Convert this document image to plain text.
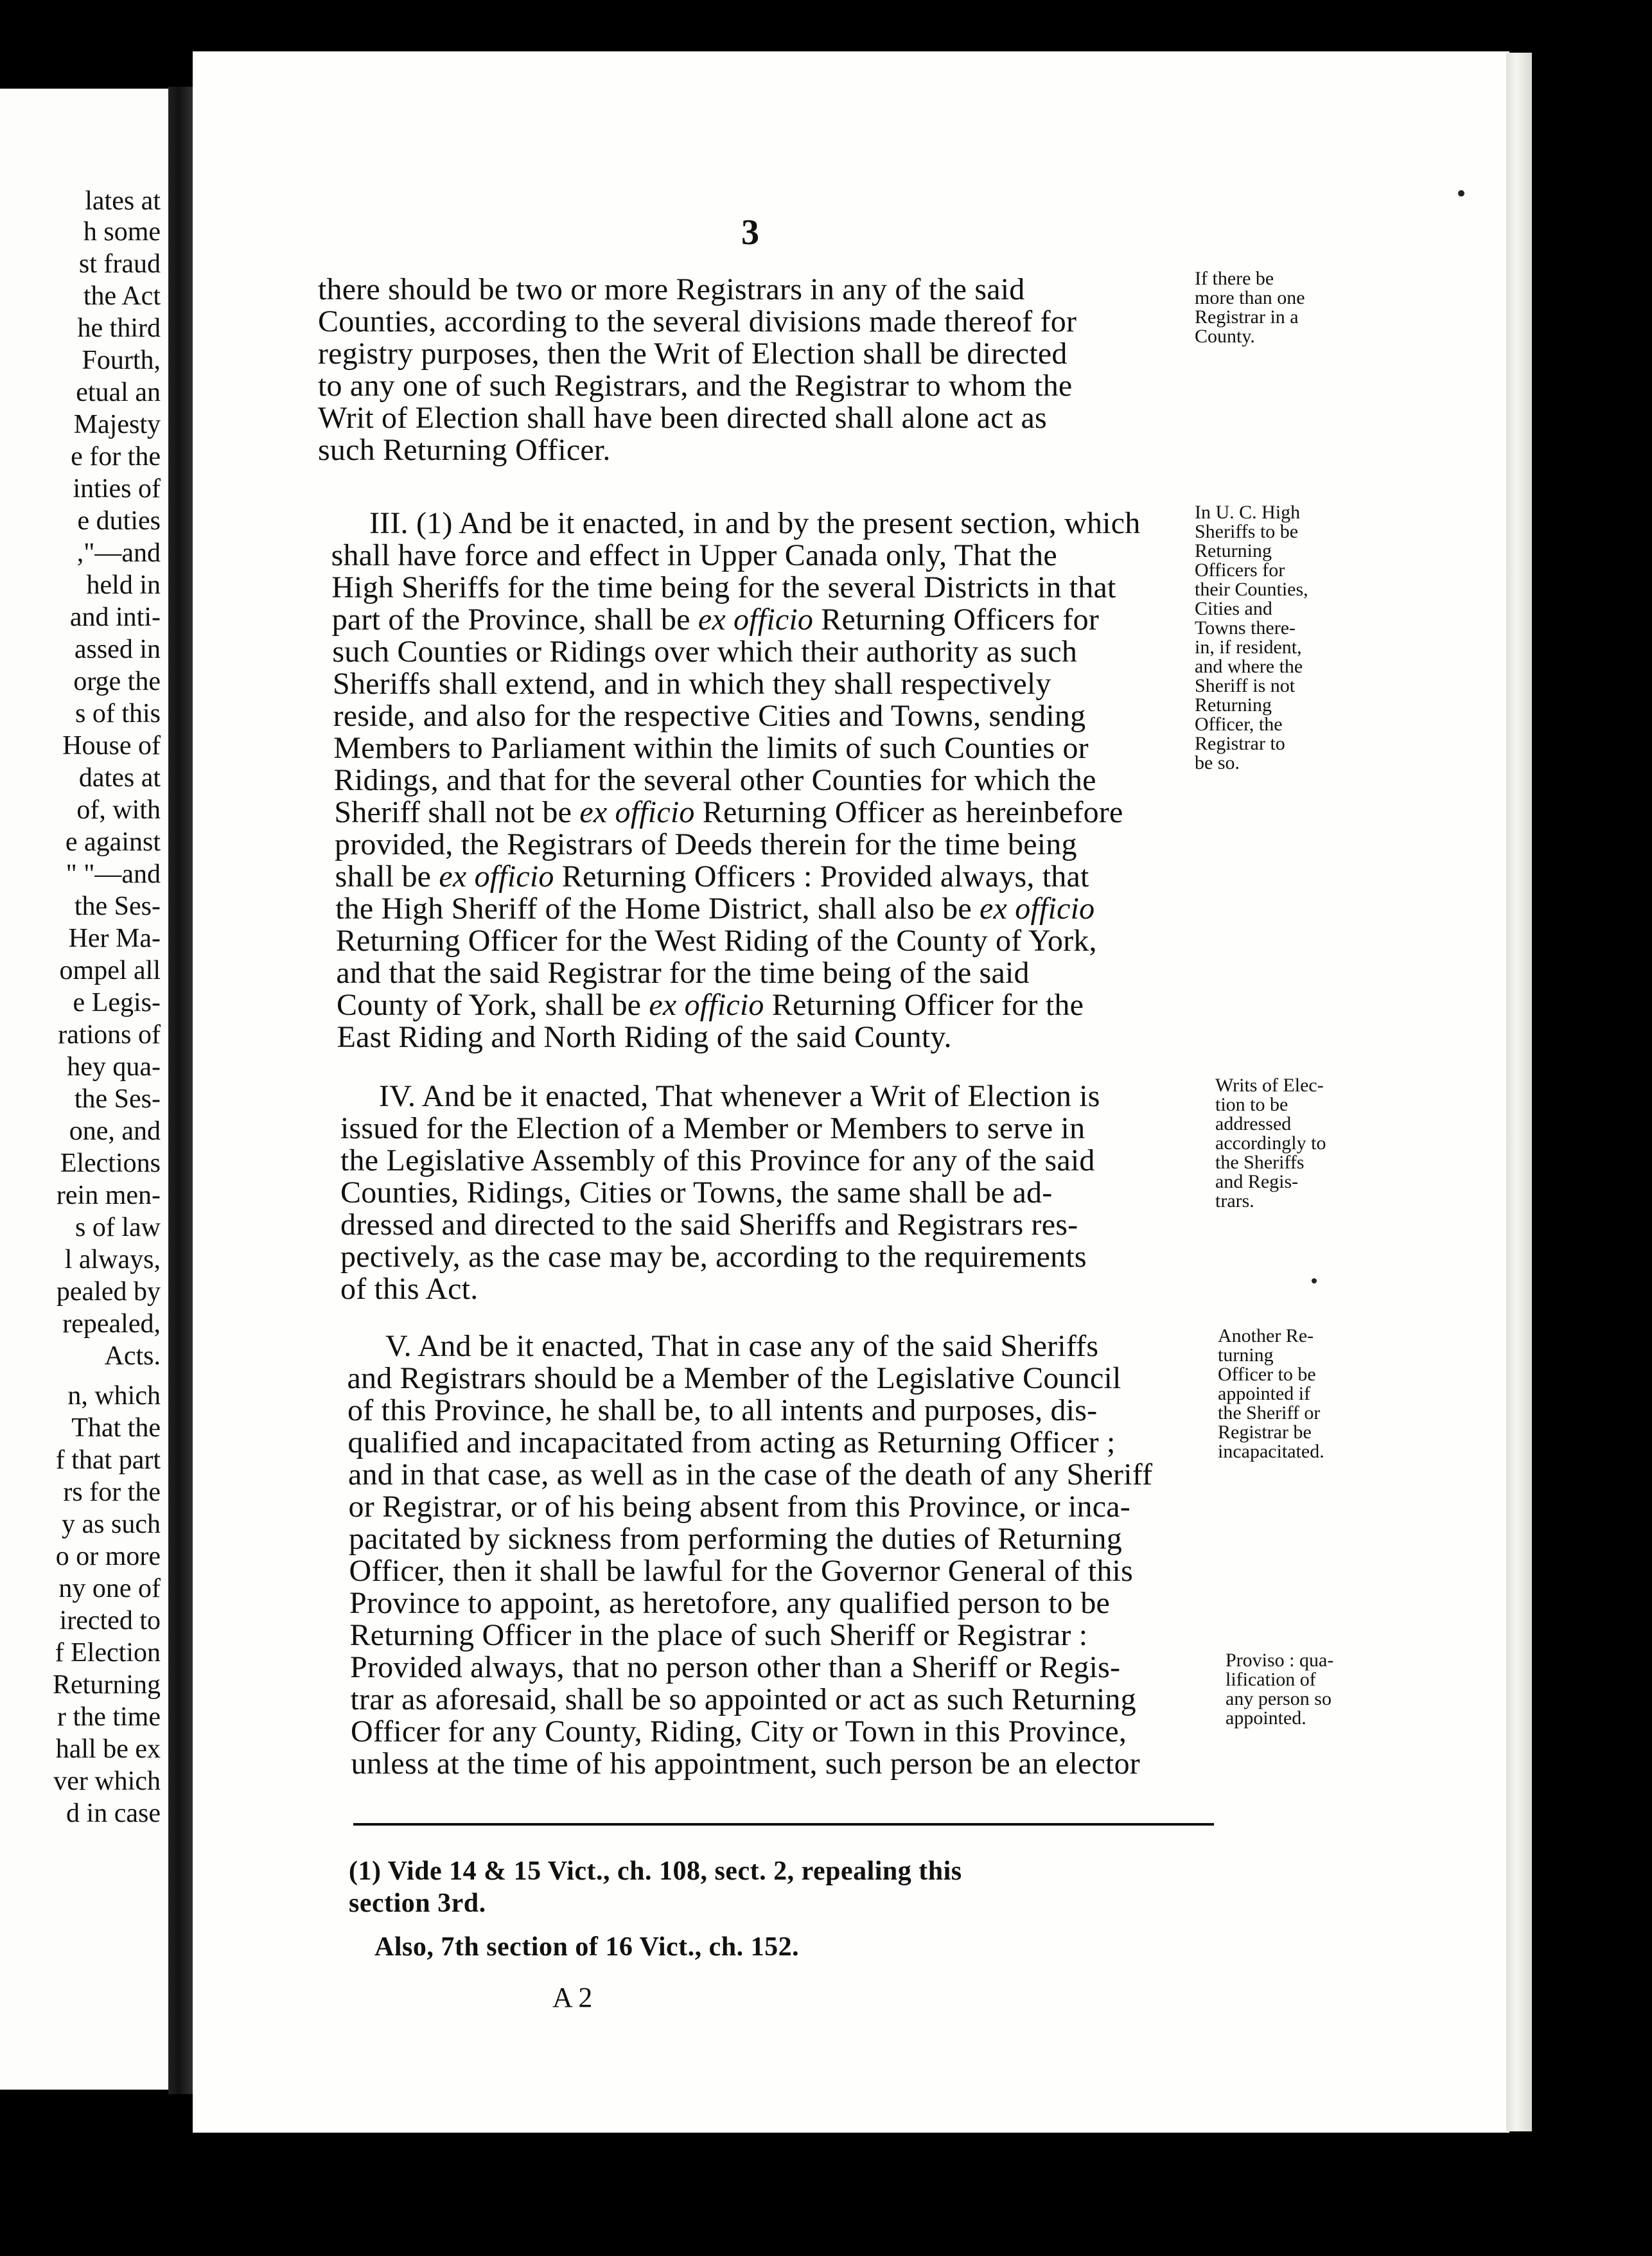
lates at
h some
st fraud
the Act
he third
Fourth,
etual an
Majesty
e for the
inties of
e duties
,"—and
held in
and inti-
assed in
orge the
s of this
House of
dates at
of, with
e against
" "—and
the Ses-
Her Ma-
ompel all
e Legis-
rations of
hey qua-
the Ses-
one, and
Elections
rein men-
s of law
l always,
pealed by
repealed,
Acts.
n, which
That the
f that part
rs for the
y as such
o or more
ny one of
irected to
f Election
Returning
r the time
hall be ex
ver which
d in case
3
there should be two or more Registrars in any of the said
Counties, according to the several divisions made thereof for
registry purposes, then the Writ of Election shall be directed
to any one of such Registrars, and the Registrar to whom the
Writ of Election shall have been directed shall alone act as
such Returning Officer.
III. (1) And be it enacted, in and by the present section, which
shall have force and effect in Upper Canada only, That the
High Sheriffs for the time being for the several Districts in that
part of the Province, shall be ex officio Returning Officers for
such Counties or Ridings over which their authority as such
Sheriffs shall extend, and in which they shall respectively
reside, and also for the respective Cities and Towns, sending
Members to Parliament within the limits of such Counties or
Ridings, and that for the several other Counties for which the
Sheriff shall not be ex officio Returning Officer as hereinbefore
provided, the Registrars of Deeds therein for the time being
shall be ex officio Returning Officers : Provided always, that
the High Sheriff of the Home District, shall also be ex officio
Returning Officer for the West Riding of the County of York,
and that the said Registrar for the time being of the said
County of York, shall be ex officio Returning Officer for the
East Riding and North Riding of the said County.
IV. And be it enacted, That whenever a Writ of Election is
issued for the Election of a Member or Members to serve in
the Legislative Assembly of this Province for any of the said
Counties, Ridings, Cities or Towns, the same shall be ad-
dressed and directed to the said Sheriffs and Registrars res-
pectively, as the case may be, according to the requirements
of this Act.
V. And be it enacted, That in case any of the said Sheriffs
and Registrars should be a Member of the Legislative Council
of this Province, he shall be, to all intents and purposes, dis-
qualified and incapacitated from acting as Returning Officer ;
and in that case, as well as in the case of the death of any Sheriff
or Registrar, or of his being absent from this Province, or inca-
pacitated by sickness from performing the duties of Returning
Officer, then it shall be lawful for the Governor General of this
Province to appoint, as heretofore, any qualified person to be
Returning Officer in the place of such Sheriff or Registrar :
Provided always, that no person other than a Sheriff or Regis-
trar as aforesaid, shall be so appointed or act as such Returning
Officer for any County, Riding, City or Town in this Province,
unless at the time of his appointment, such person be an elector
If there be
more than one
Registrar in a
County.
In U. C. High
Sheriffs to be
Returning
Officers for
their Counties,
Cities and
Towns there-
in, if resident,
and where the
Sheriff is not
Returning
Officer, the
Registrar to
be so.
Writs of Elec-
tion to be
addressed
accordingly to
the Sheriffs
and Regis-
trars.
Another Re-
turning
Officer to be
appointed if
the Sheriff or
Registrar be
incapacitated.
Proviso : qua-
lification of
any person so
appointed.
(1) Vide 14 & 15 Vict., ch. 108, sect. 2, repealing this
section 3rd.
Also, 7th section of 16 Vict., ch. 152.
A 2
